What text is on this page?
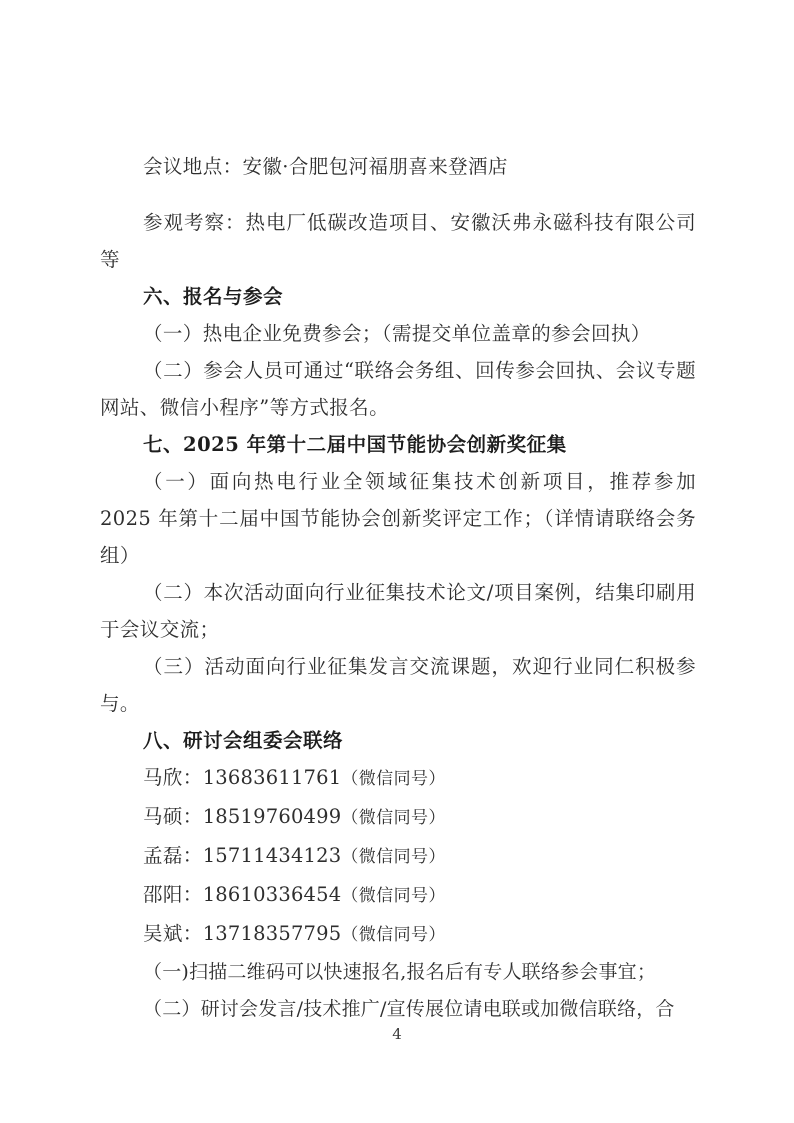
会议地点：安徽·合肥包河福朋喜来登酒店

参观考察：热电厂低碳改造项目、安徽沃弗永磁科技有限公司等

六、报名与参会

（一）热电企业免费参会；（需提交单位盖章的参会回执）

（二）参会人员可通过“联络会务组、回传参会回执、会议专题网站、微信小程序”等方式报名。

七、2025 年第十二届中国节能协会创新奖征集

（一）面向热电行业全领域征集技术创新项目，推荐参加 2025 年第十二届中国节能协会创新奖评定工作；（详情请联络会务组）

（二）本次活动面向行业征集技术论文/项目案例，结集印刷用于会议交流；

（三）活动面向行业征集发言交流课题，欢迎行业同仁积极参与。

八、研讨会组委会联络

马欣：13683611761（微信同号）

马硕：18519760499（微信同号）

孟磊：15711434123（微信同号）

邵阳：18610336454（微信同号）

吴斌：13718357795（微信同号）

（一)扫描二维码可以快速报名,报名后有专人联络参会事宜；

（二）研讨会发言/技术推广/宣传展位请电联或加微信联络，合

4
